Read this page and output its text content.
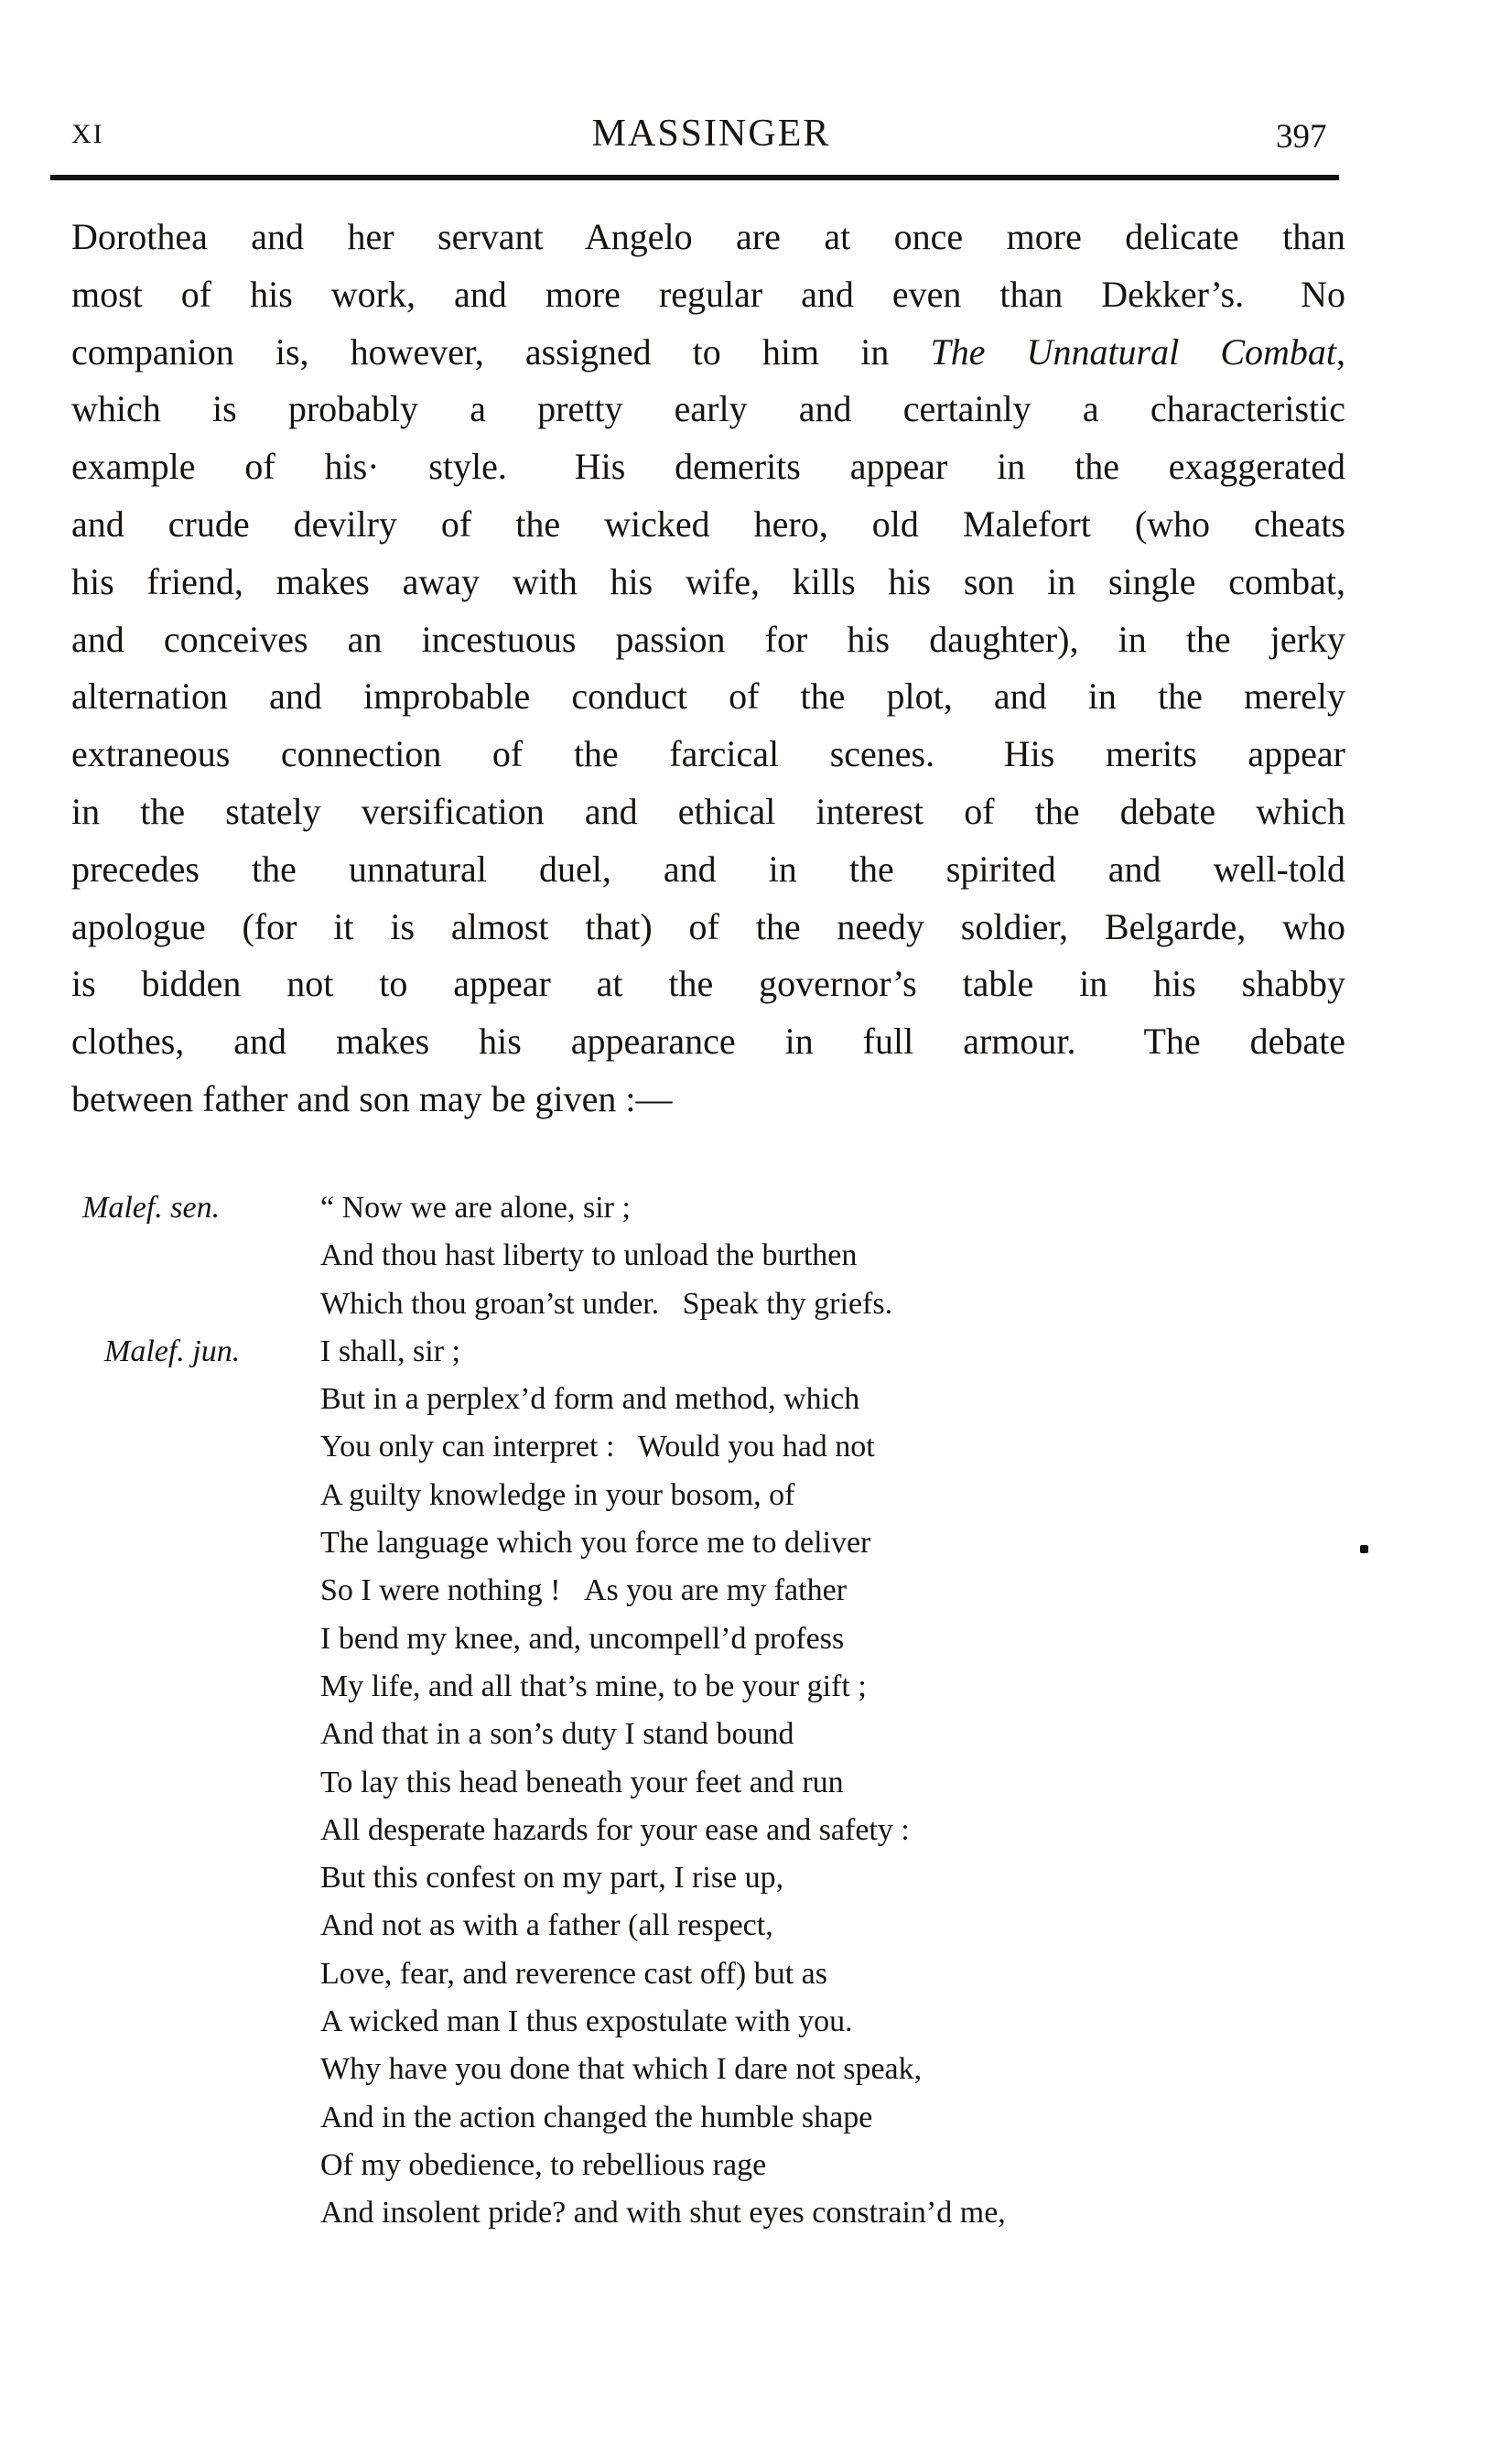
XI	MASSINGER	397
Dorothea and her servant Angelo are at once more delicate than
most of his work, and more regular and even than Dekker’s.  No
companion is, however, assigned to him in The Unnatural Combat,
which is probably a pretty early and certainly a characteristic
example of his· style.  His demerits appear in the exaggerated
and crude devilry of the wicked hero, old Malefort (who cheats
his friend, makes away with his wife, kills his son in single combat,
and conceives an incestuous passion for his daughter), in the jerky
alternation and improbable conduct of the plot, and in the merely
extraneous connection of the farcical scenes.  His merits appear
in the stately versification and ethical interest of the debate which
precedes the unnatural duel, and in the spirited and well-told
apologue (for it is almost that) of the needy soldier, Belgarde, who
is bidden not to appear at the governor’s table in his shabby
clothes, and makes his appearance in full armour.  The debate
between father and son may be given :—
Malef. sen.	“ Now we are alone, sir ;
And thou hast liberty to unload the burthen
Which thou groan’st under.  Speak thy griefs.
Malef. jun.	I shall, sir ;
But in a perplex’d form and method, which
You only can interpret :  Would you had not
A guilty knowledge in your bosom, of
The language which you force me to deliver
So I were nothing !  As you are my father
I bend my knee, and, uncompell’d profess
My life, and all that’s mine, to be your gift ;
And that in a son’s duty I stand bound
To lay this head beneath your feet and run
All desperate hazards for your ease and safety :
But this confest on my part, I rise up,
And not as with a father (all respect,
Love, fear, and reverence cast off) but as
A wicked man I thus expostulate with you.
Why have you done that which I dare not speak,
And in the action changed the humble shape
Of my obedience, to rebellious rage
And insolent pride? and with shut eyes constrain’d me,
